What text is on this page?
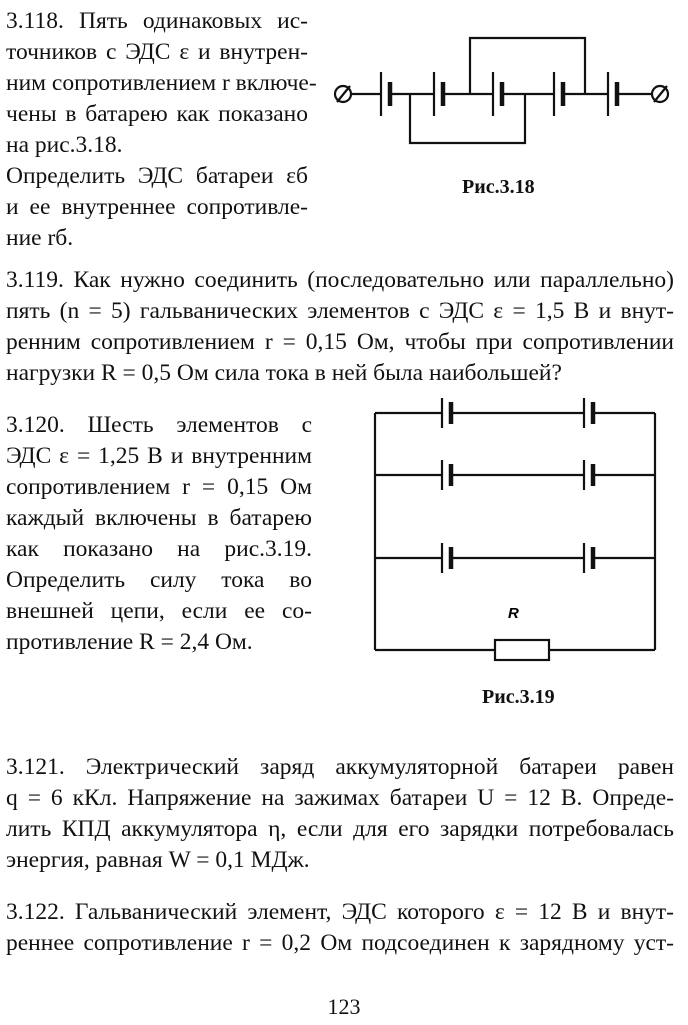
3.118. Пять одинаковых ис-
точников с ЭДС ε и внутрен-
ним сопротивлением r включе-
чены в батарею как показано
на рис.3.18.
Определить ЭДС батареи εб
и ее внутреннее сопротивле-
ние rб.
Рис.3.18
3.119. Как нужно соединить (последовательно или параллельно)
пять (n = 5) гальванических элементов с ЭДС ε = 1,5 В и внут-
ренним сопротивлением r = 0,15 Ом, чтобы при сопротивлении
нагрузки R = 0,5 Ом сила тока в ней была наибольшей?
3.120. Шесть элементов с
ЭДС ε = 1,25 В и внутренним
сопротивлением r = 0,15 Ом
каждый включены в батарею
как показано на рис.3.19.
Определить силу тока во
внешней цепи, если ее со-
противление R = 2,4 Ом.
R
Рис.3.19
3.121. Электрический заряд аккумуляторной батареи равен
q = 6 кКл. Напряжение на зажимах батареи U = 12 В. Опреде-
лить КПД аккумулятора η, если для его зарядки потребовалась
энергия, равная W = 0,1 МДж.
3.122. Гальванический элемент, ЭДС которого ε = 12 В и внут-
реннее сопротивление r = 0,2 Ом подсоединен к зарядному уст-
123
